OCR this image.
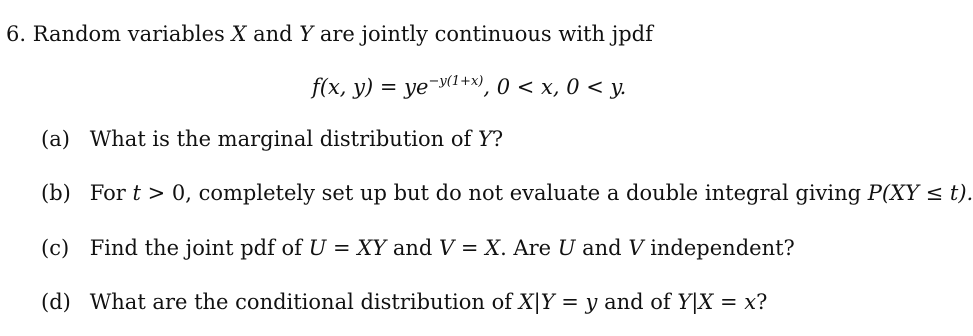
6. Random variables X and Y are jointly continuous with jpdf
f(x, $y) = ye^{-y(1+x)}$, 0 < x, 0 < y.
(a) What is the marginal distribution of Y?
(b) For t > 0, completely set up but do not evaluate a double integral giving P(XY ≤ t).
(c) Find the joint pdf of U = XY and V = X. Are U and V independent?
(d) What are the conditional distribution of X|Y = y and of Y|X = x?
